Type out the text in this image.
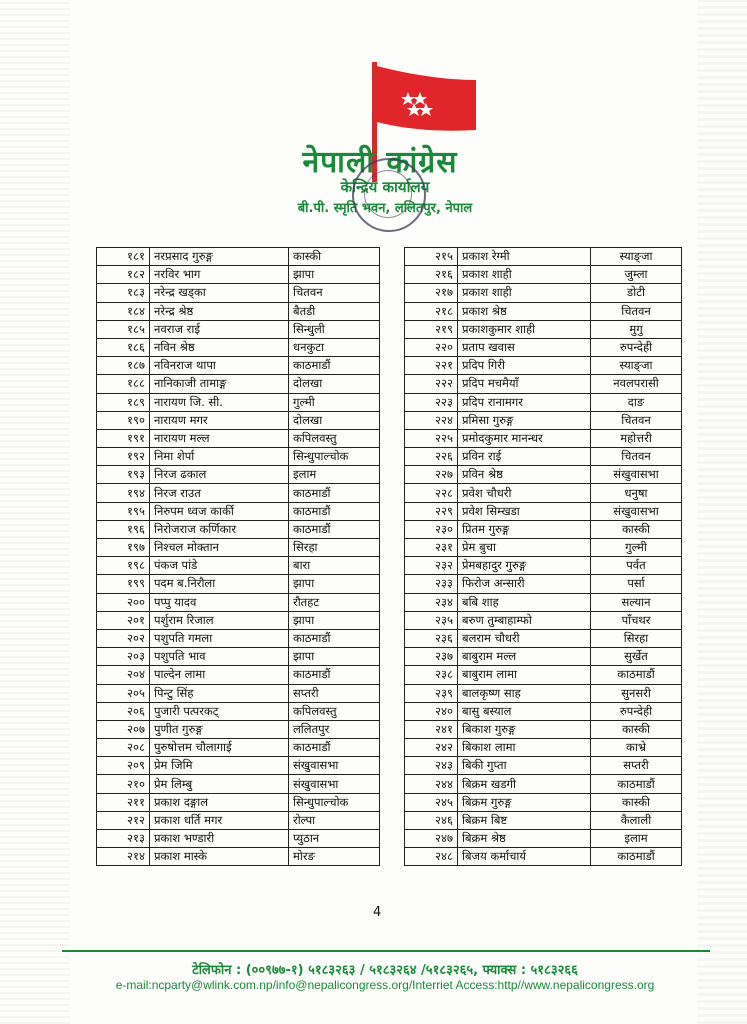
नेपाली कांग्रेस
केन्द्रिय कार्यालय
बी.पी. स्मृति भवन, ललितपुर, नेपाल
१८१	नरप्रसाद गुरुङ्ग	कास्की
१८२	नरविर भाग	झापा
१८३	नरेन्द्र खड्का	चितवन
१८४	नरेन्द्र श्रेष्ठ	बैतडी
१८५	नवराज राई	सिन्धुली
१८६	नविन श्रेष्ठ	धनकुटा
१८७	नविनराज थापा	काठमाडौं
१८८	नानिकाजी तामाङ्ग	दोलखा
१८९	नारायण जि. सी.	गुल्मी
१९०	नारायण मगर	दोलखा
१९१	नारायण मल्ल	कपिलवस्तु
१९२	निमा शेर्पा	सिन्धुपाल्चोक
१९३	निरज ढकाल	इलाम
१९४	निरज राउत	काठमाडौं
१९५	निरुपम ध्वज कार्की	काठमाडौं
१९६	निरोजराज कर्णिकार	काठमाडौं
१९७	निश्चल मोक्तान	सिरहा
१९८	पंकज पांडे	बारा
१९९	पदम ब.निरौला	झापा
२००	पप्पु यादव	रौतहट
२०१	पर्शुराम रिजाल	झापा
२०२	पशुपति गमला	काठमाडौं
२०३	पशुपति भाव	झापा
२०४	पाल्देन लामा	काठमाडौं
२०५	पिन्टु सिंह	सप्तरी
२०६	पुजारी पत्परकट्	कपिलवस्तु
२०७	पुणीत गुरुङ्ग	ललितपुर
२०८	पुरुषोत्तम चौलागाई	काठमाडौं
२०९	प्रेम जिमि	संखुवासभा
२१०	प्रेम लिम्बु	संखुवासभा
२११	प्रकाश दङ्गाल	सिन्धुपाल्चोक
२१२	प्रकाश धर्ति मगर	रोल्पा
२१३	प्रकाश भण्डारी	प्युठान
२१४	प्रकाश मास्के	मोरङ
२१५	प्रकाश रेग्मी	स्याङ्जा
२१६	प्रकाश शाही	जुम्ला
२१७	प्रकाश शाही	डोटी
२१८	प्रकाश श्रेष्ठ	चितवन
२१९	प्रकाशकुमार शाही	मुगु
२२०	प्रताप खवास	रुपन्देही
२२१	प्रदिप गिरी	स्याङ्जा
२२२	प्रदिप मचमैयाँ	नवलपरासी
२२३	प्रदिप रानामगर	दाङ
२२४	प्रमिसा गुरुङ्ग	चितवन
२२५	प्रमोदकुमार मानन्धर	महोत्तरी
२२६	प्रविन राई	चितवन
२२७	प्रविन श्रेष्ठ	संखुवासभा
२२८	प्रवेश चौधरी	धनुषा
२२९	प्रवेश सिम्खडा	संखुवासभा
२३०	प्रितम गुरुङ्ग	कास्की
२३१	प्रेम बुचा	गुल्मी
२३२	प्रेमबहादुर गुरुङ्ग	पर्वत
२३३	फिरोज अन्सारी	पर्सा
२३४	बबि शाह	सल्यान
२३५	बरुण तुम्बाहाम्फो	पाँचथर
२३६	बलराम चौधरी	सिरहा
२३७	बाबुराम मल्ल	सुर्खेत
२३८	बाबुराम लामा	काठमाडौं
२३९	बालकृष्ण साह	सुनसरी
२४०	बासु बस्याल	रुपन्देही
२४१	बिकाश गुरुङ्ग	कास्की
२४२	बिकाश लामा	काभ्रे
२४३	बिकी गुप्ता	सप्तरी
२४४	बिक्रम खडगी	काठमाडौं
२४५	बिक्रम गुरुङ्ग	कास्की
२४६	बिक्रम बिष्ट	कैलाली
२४७	बिक्रम श्रेष्ठ	इलाम
२४८	बिजय कर्माचार्य	काठमाडौं
4
टेलिफोन : (००९७७-१) ५१८३२६३ / ५१८३२६४ /५१८३२६५, फ्याक्स : ५१८३२६६
e-mail:ncparty@wlink.com.np/info@nepalicongress.org/Interriet Access:http//www.nepalicongress.org
